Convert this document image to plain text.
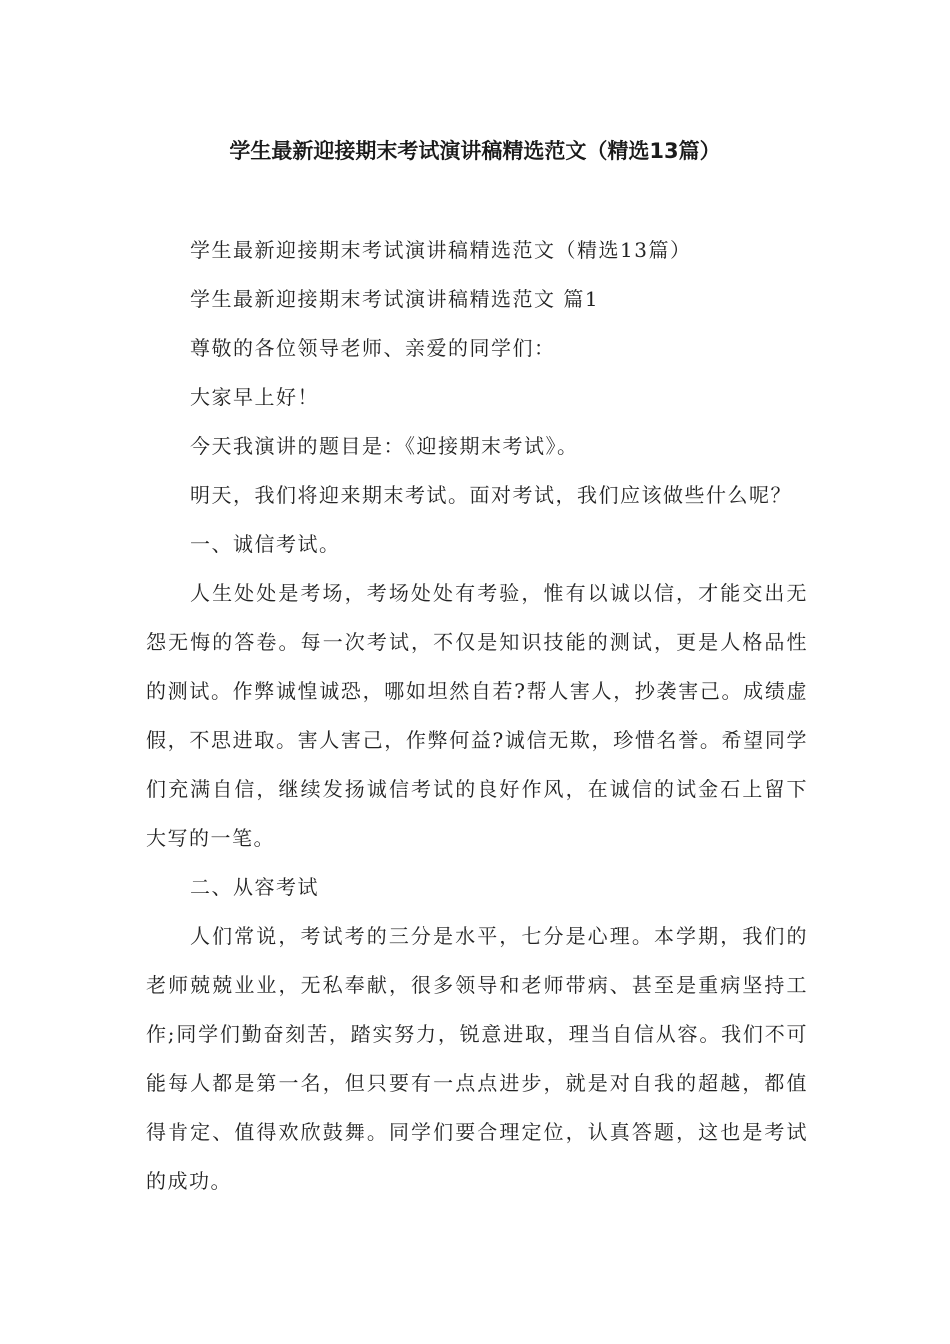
学生最新迎接期末考试演讲稿精选范文（精选13篇）

学生最新迎接期末考试演讲稿精选范文（精选13篇）

学生最新迎接期末考试演讲稿精选范文 篇1

尊敬的各位领导老师、亲爱的同学们：

大家早上好！

今天我演讲的题目是：《迎接期末考试》。

明天，我们将迎来期末考试。面对考试，我们应该做些什么呢？

一、诚信考试。

人生处处是考场，考场处处有考验，惟有以诚以信，才能交出无怨无悔的答卷。每一次考试，不仅是知识技能的测试，更是人格品性的测试。作弊诚惶诚恐，哪如坦然自若?帮人害人，抄袭害己。成绩虚假，不思进取。害人害己，作弊何益?诚信无欺，珍惜名誉。希望同学们充满自信，继续发扬诚信考试的良好作风，在诚信的试金石上留下大写的一笔。

二、从容考试

人们常说，考试考的三分是水平，七分是心理。本学期，我们的老师兢兢业业，无私奉献，很多领导和老师带病、甚至是重病坚持工作;同学们勤奋刻苦，踏实努力，锐意进取，理当自信从容。我们不可能每人都是第一名，但只要有一点点进步，就是对自我的超越，都值得肯定、值得欢欣鼓舞。同学们要合理定位，认真答题，这也是考试的成功。
